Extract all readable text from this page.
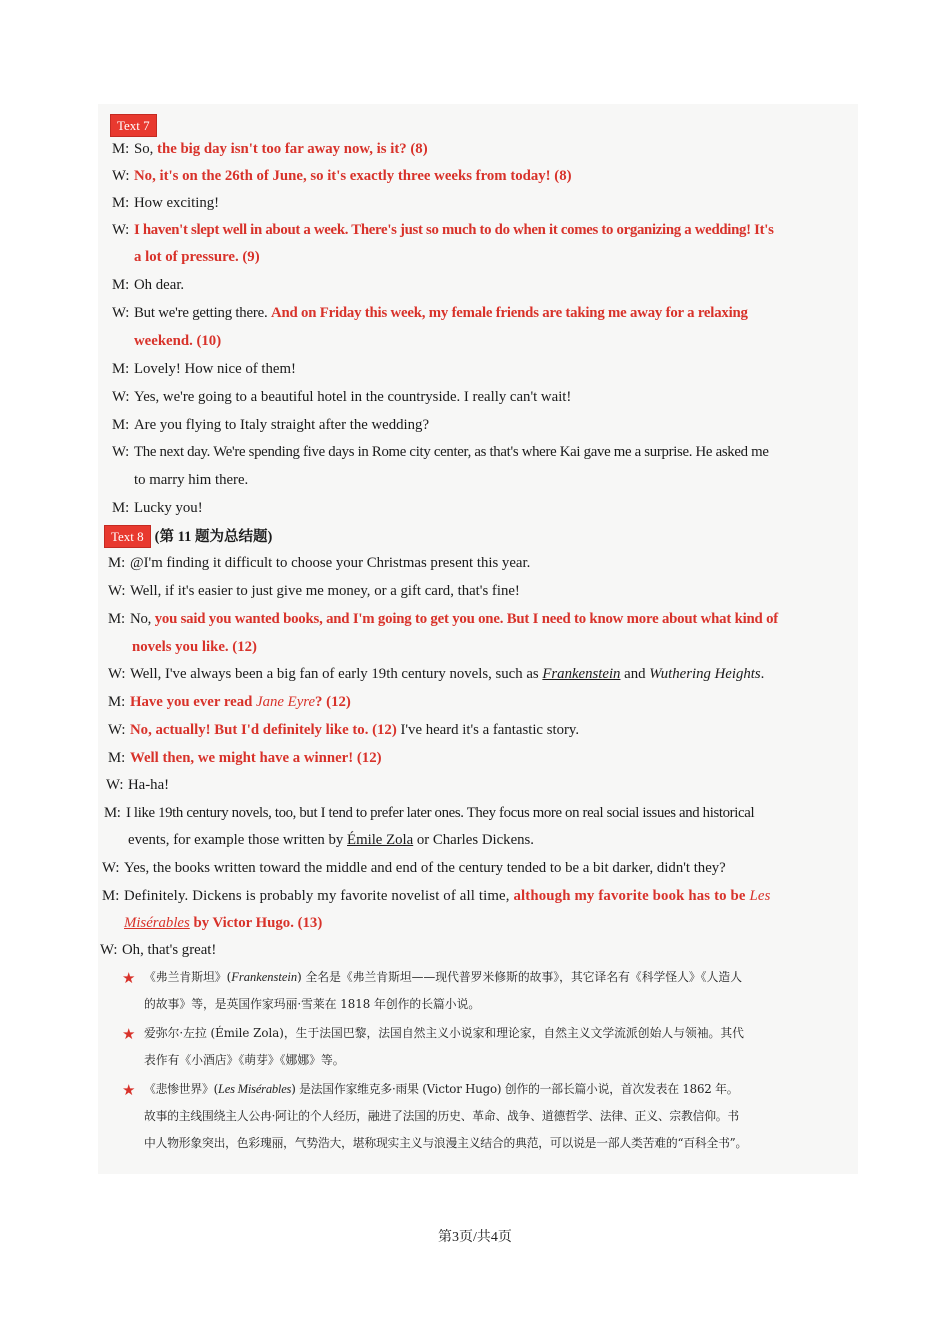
Text 7
M: So, the big day isn't too far away now, is it? (8)
W: No, it's on the 26th of June, so it's exactly three weeks from today! (8)
M: How exciting!
W: I haven't slept well in about a week. There's just so much to do when it comes to organizing a wedding! It's
a lot of pressure. (9)
M: Oh dear.
W: But we're getting there. And on Friday this week, my female friends are taking me away for a relaxing
weekend. (10)
M: Lovely! How nice of them!
W: Yes, we're going to a beautiful hotel in the countryside. I really can't wait!
M: Are you flying to Italy straight after the wedding?
W: The next day. We're spending five days in Rome city center, as that's where Kai gave me a surprise. He asked me
to marry him there.
M: Lucky you!
Text 8 (第 11 题为总结题)
M: @I'm finding it difficult to choose your Christmas present this year.
W: Well, if it's easier to just give me money, or a gift card, that's fine!
M: No, you said you wanted books, and I'm going to get you one. But I need to know more about what kind of
novels you like. (12)
W: Well, I've always been a big fan of early 19th century novels, such as Frankenstein and Wuthering Heights.
M: Have you ever read Jane Eyre? (12)
W: No, actually! But I'd definitely like to. (12) I've heard it's a fantastic story.
M: Well then, we might have a winner! (12)
W: Ha-ha!
M: I like 19th century novels, too, but I tend to prefer later ones. They focus more on real social issues and historical
events, for example those written by Émile Zola or Charles Dickens.
W: Yes, the books written toward the middle and end of the century tended to be a bit darker, didn't they?
M: Definitely. Dickens is probably my favorite novelist of all time, although my favorite book has to be Les
Misérables by Victor Hugo. (13)
W: Oh, that's great!
★ 《弗兰肯斯坦》(Frankenstein) 全名是《弗兰肯斯坦——现代普罗米修斯的故事》，其它译名有《科学怪人》《人造人
的故事》等，是英国作家玛丽·雪莱在 1818 年创作的长篇小说。
★ 爱弥尔·左拉 (Émile Zola)，生于法国巴黎，法国自然主义小说家和理论家，自然主义文学流派创始人与领袖。其代
表作有《小酒店》《萌芽》《娜娜》等。
★ 《悲惨世界》(Les Misérables) 是法国作家维克多·雨果 (Victor Hugo) 创作的一部长篇小说，首次发表在 1862 年。
故事的主线围绕主人公冉·阿让的个人经历，融进了法国的历史、革命、战争、道德哲学、法律、正义、宗教信仰。书
中人物形象突出，色彩瑰丽，气势浩大，堪称现实主义与浪漫主义结合的典范，可以说是一部人类苦难的“百科全书”。
第3页/共4页
